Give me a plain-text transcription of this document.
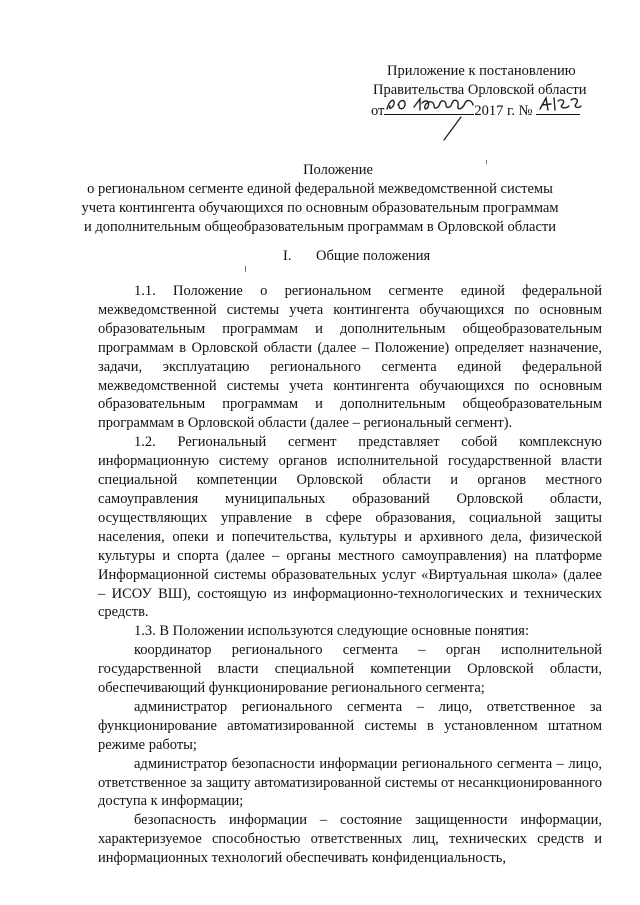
Приложение к постановлению
Правительства Орловской области
от	2017 г. №
Положение
о региональном сегменте единой федеральной межведомственной системы
учета контингента обучающихся по основным образовательным программам
и дополнительным общеобразовательным программам в Орловской области
I. Общие положения

1.1. Положение о региональном сегменте единой федеральной межведомственной системы учета контингента обучающихся по основным образовательным программам и дополнительным общеобразовательным программам в Орловской области (далее – Положение) определяет назначение, задачи, эксплуатацию регионального сегмента единой федеральной межведомственной системы учета контингента обучающихся по основным образовательным программам и дополнительным общеобразовательным программам в Орловской области (далее – региональный сегмент).

1.2. Региональный сегмент представляет собой комплексную информационную систему органов исполнительной государственной власти специальной компетенции Орловской области и органов местного самоуправления муниципальных образований Орловской области, осуществляющих управление в сфере образования, социальной защиты населения, опеки и попечительства, культуры и архивного дела, физической культуры и спорта (далее – органы местного самоуправления) на платформе Информационной системы образовательных услуг «Виртуальная школа» (далее – ИСОУ ВШ), состоящую из информационно-технологических и технических средств.

1.3. В Положении используются следующие основные понятия:

координатор регионального сегмента – орган исполнительной государственной власти специальной компетенции Орловской области, обеспечивающий функционирование регионального сегмента;

администратор регионального сегмента – лицо, ответственное за функционирование автоматизированной системы в установленном штатном режиме работы;

администратор безопасности информации регионального сегмента – лицо, ответственное за защиту автоматизированной системы от несанкционированного доступа к информации;

безопасность информации – состояние защищенности информации, характеризуемое способностью ответственных лиц, технических средств и информационных технологий обеспечивать конфиденциальность,
